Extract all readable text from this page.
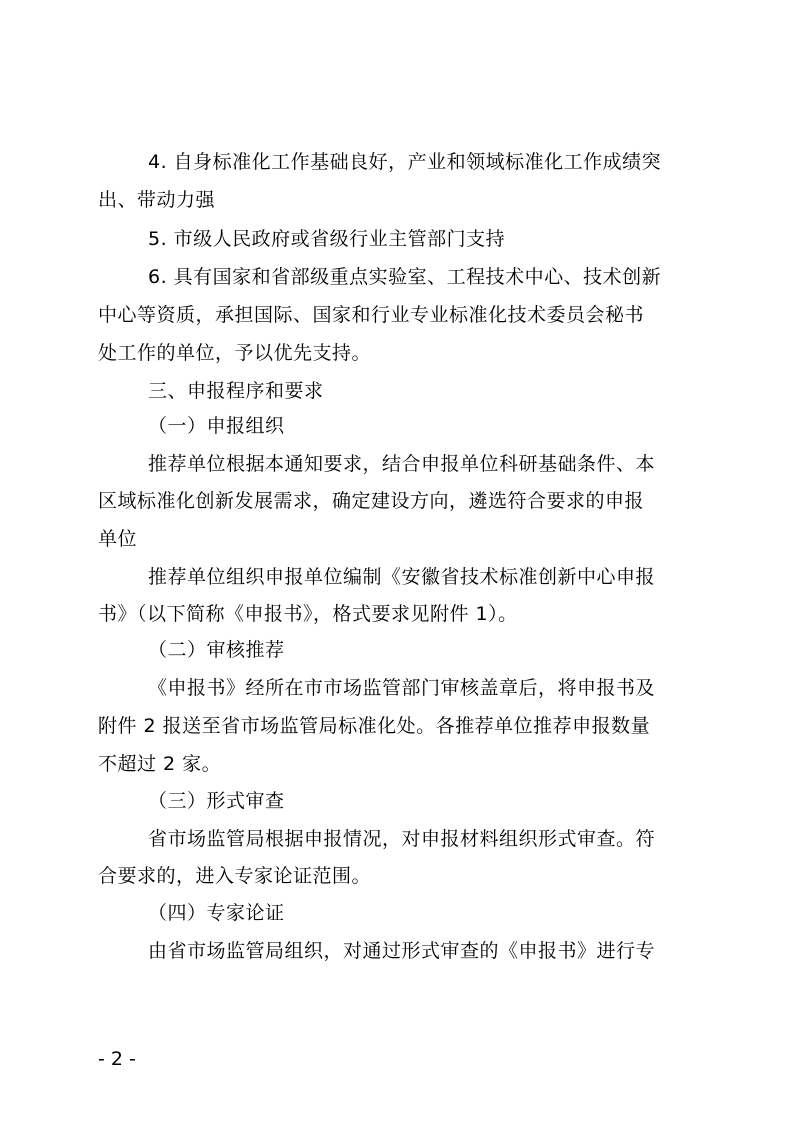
4. 自身标准化工作基础良好，产业和领域标准化工作成绩突
出、带动力强
5. 市级人民政府或省级行业主管部门支持
6. 具有国家和省部级重点实验室、工程技术中心、技术创新
中心等资质，承担国际、国家和行业专业标准化技术委员会秘书
处工作的单位，予以优先支持。
三、申报程序和要求
（一）申报组织
推荐单位根据本通知要求，结合申报单位科研基础条件、本
区域标准化创新发展需求，确定建设方向，遴选符合要求的申报
单位
推荐单位组织申报单位编制《安徽省技术标准创新中心申报
书》（以下简称《申报书》，格式要求见附件 1）。
（二）审核推荐
《申报书》经所在市市场监管部门审核盖章后，将申报书及
附件 2 报送至省市场监管局标准化处。各推荐单位推荐申报数量
不超过 2 家。
（三）形式审查
省市场监管局根据申报情况，对申报材料组织形式审查。符
合要求的，进入专家论证范围。
（四）专家论证
由省市场监管局组织，对通过形式审查的《申报书》进行专
- 2 -
